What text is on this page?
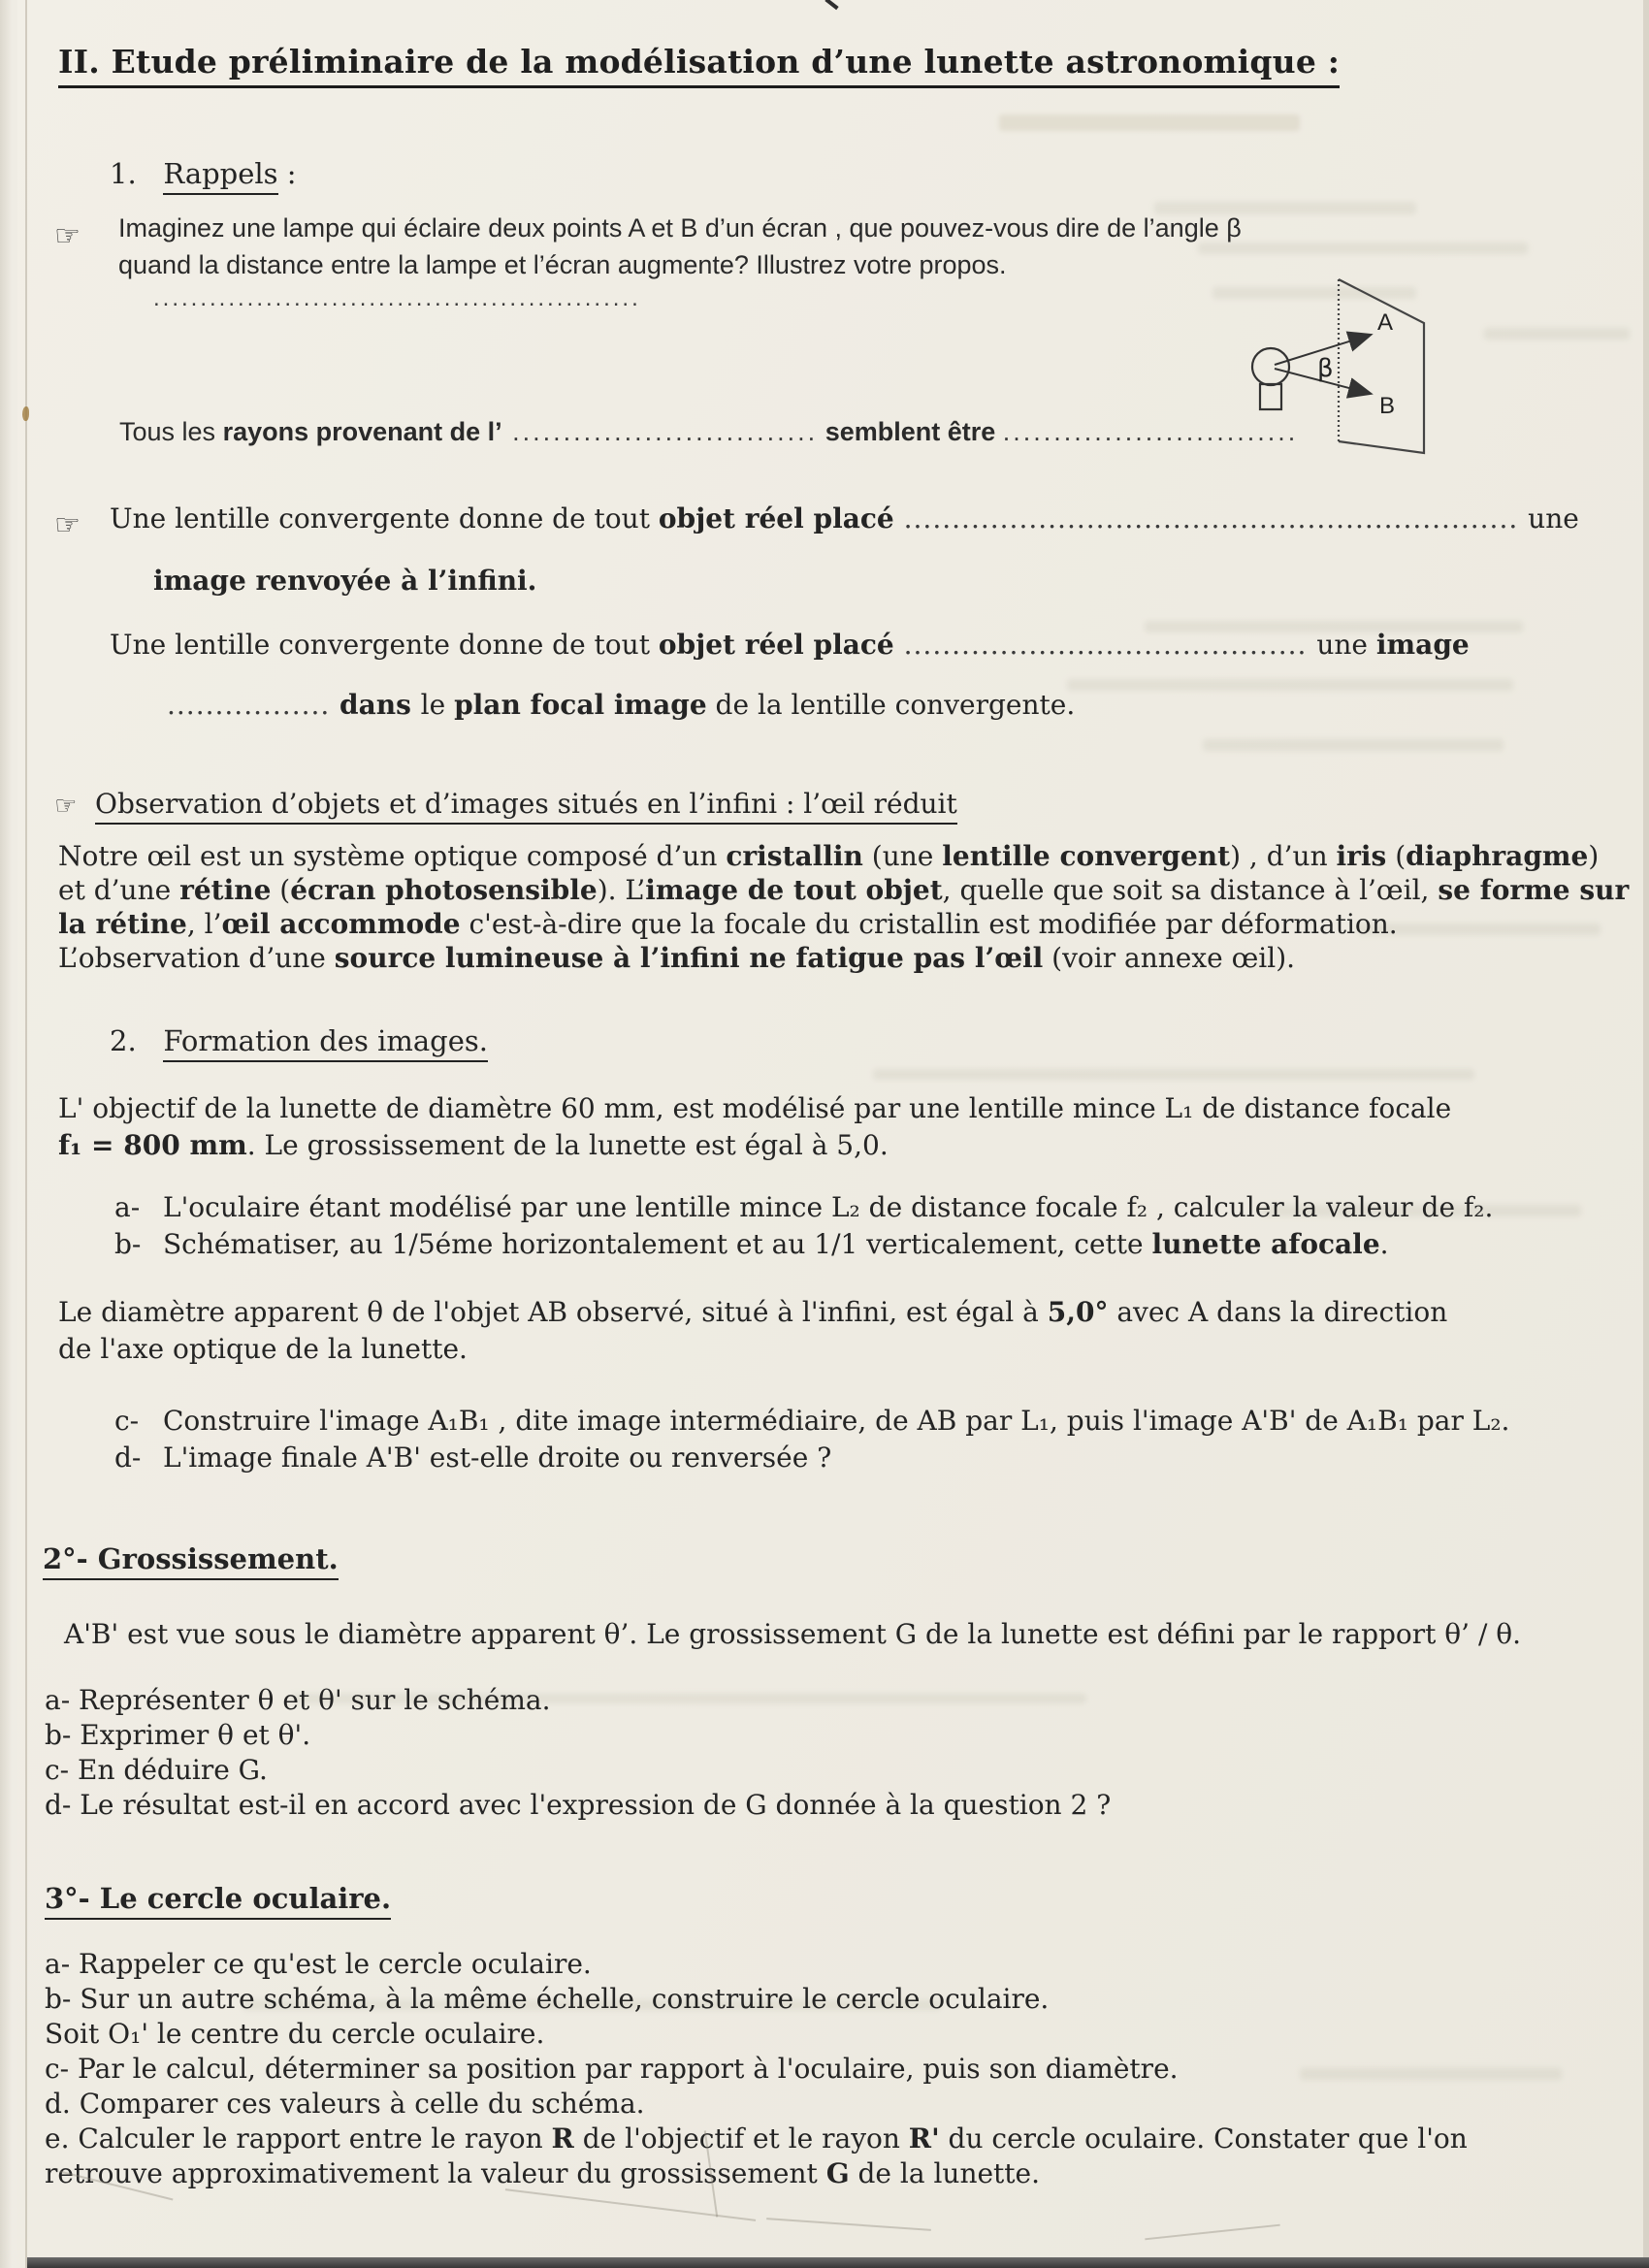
II. Etude préliminaire de la modélisation d’une lunette astronomique :
1. Rappels :
☞ Imaginez une lampe qui éclaire deux points A et B d’un écran , que pouvez-vous dire de l’angle β
quand la distance entre la lampe et l’écran augmente? Illustrez votre propos.
....................................................
A
B
β
Tous les rayons provenant de l’ .............................. semblent être .............................
☞ Une lentille convergente donne de tout objet réel placé ................................................................ une
image renvoyée à l’infini.
Une lentille convergente donne de tout objet réel placé .......................................... une image
................. dans le plan focal image de la lentille convergente.
☞ Observation d’objets et d’images situés en l’infini : l’œil réduit
Notre œil est un système optique composé d’un cristallin (une lentille convergent) , d’un iris (diaphragme)
et d’une rétine (écran photosensible). L’image de tout objet, quelle que soit sa distance à l’œil, se forme sur
la rétine, l’œil accommode c'est-à-dire que la focale du cristallin est modifiée par déformation.
L’observation d’une source lumineuse à l’infini ne fatigue pas l’œil (voir annexe œil).
2.   Formation des images.
L' objectif de la lunette de diamètre 60 mm, est modélisé par une lentille mince L₁ de distance focale
f₁ = 800 mm. Le grossissement de la lunette est égal à 5,0.
a- L'oculaire étant modélisé par une lentille mince L₂ de distance focale f₂ , calculer la valeur de f₂.
b- Schématiser, au 1/5éme horizontalement et au 1/1 verticalement, cette lunette afocale.
Le diamètre apparent θ de l'objet AB observé, situé à l'infini, est égal à 5,0° avec A dans la direction
de l'axe optique de la lunette.
c- Construire l'image A₁B₁ , dite image intermédiaire, de AB par L₁, puis l'image A'B' de A₁B₁ par L₂.
d- L'image finale A'B' est-elle droite ou renversée ?
2°- Grossissement.
A'B' est vue sous le diamètre apparent θ’. Le grossissement G de la lunette est défini par le rapport θ’ / θ.
a- Représenter θ et θ' sur le schéma.
b- Exprimer θ et θ'.
c- En déduire G.
d- Le résultat est-il en accord avec l'expression de G donnée à la question 2 ?
3°- Le cercle oculaire.
a- Rappeler ce qu'est le cercle oculaire.
b- Sur un autre schéma, à la même échelle, construire le cercle oculaire.
Soit O₁' le centre du cercle oculaire.
c- Par le calcul, déterminer sa position par rapport à l'oculaire, puis son diamètre.
d. Comparer ces valeurs à celle du schéma.
e. Calculer le rapport entre le rayon R de l'objectif et le rayon R' du cercle oculaire. Constater que l'on
retrouve approximativement la valeur du grossissement G de la lunette.
